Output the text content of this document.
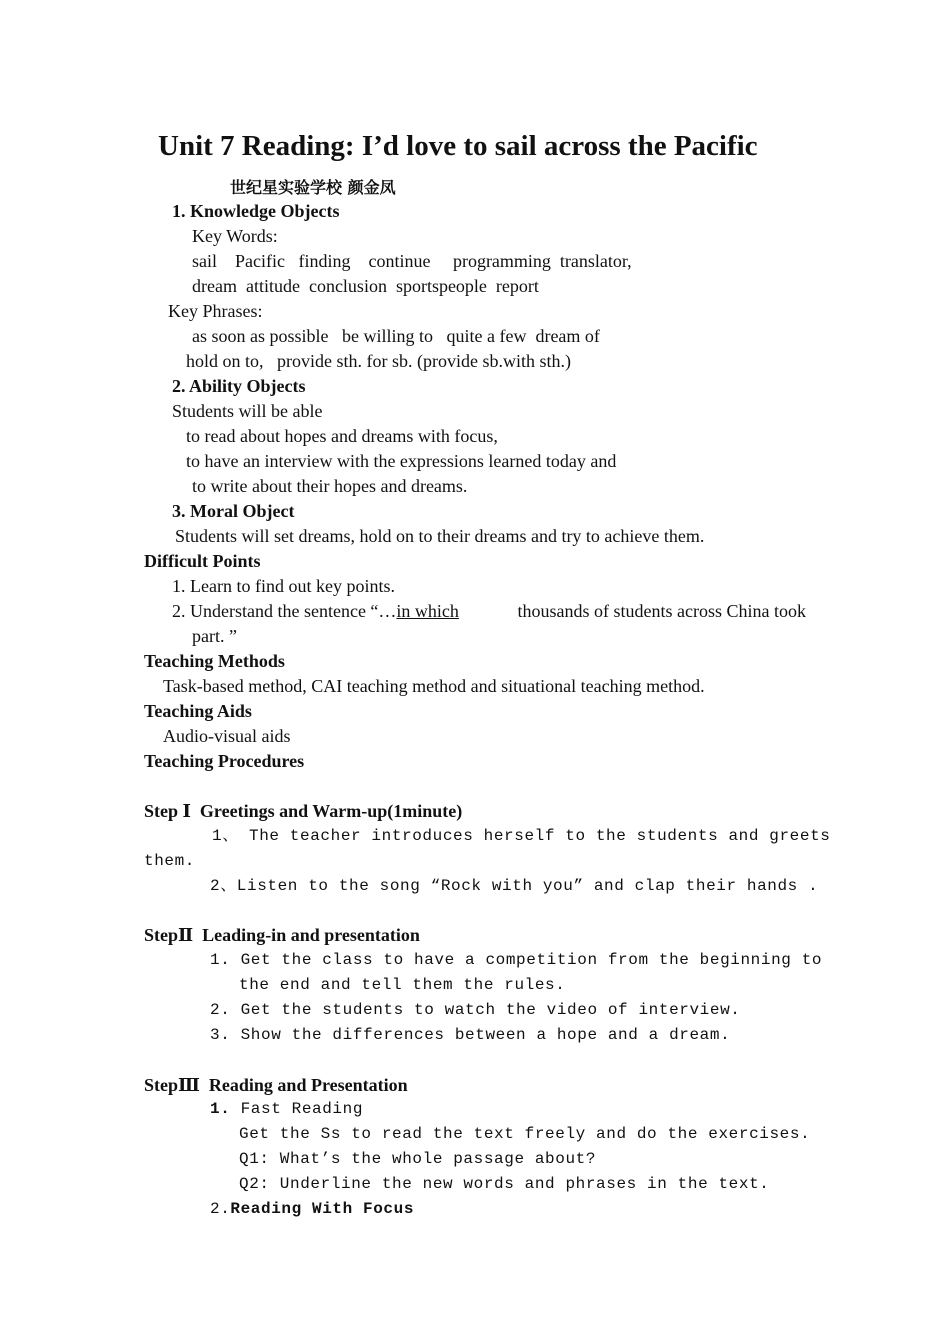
Unit 7 Reading: I’d love to sail across the Pacific
世纪星实验学校 颜金凤
1. Knowledge Objects
Key Words:
sail    Pacific   finding    continue     programming  translator,
dream  attitude  conclusion  sportspeople  report
Key Phrases:
as soon as possible   be willing to   quite a few  dream of
hold on to,   provide sth. for sb. (provide sb.with sth.)
2. Ability Objects
Students will be able
to read about hopes and dreams with focus,
to have an interview with the expressions learned today and
to write about their hopes and dreams.
3. Moral Object
Students will set dreams, hold on to their dreams and try to achieve them.
Difficult Points
1. Learn to find out key points.
2. Understand the sentence “…in which	thousands of students across China took
part. ”
Teaching Methods
Task-based method, CAI teaching method and situational teaching method.
Teaching Aids
Audio-visual aids
Teaching Procedures
Step Ⅰ  Greetings and Warm-up(1minute)
1、 The teacher introduces herself to the students and greets
them.
2、Listen to the song “Rock with you” and clap their hands .
StepⅡ  Leading-in and presentation
1. Get the class to have a competition from the beginning to
the end and tell them the rules.
2. Get the students to watch the video of interview.
3. Show the differences between a hope and a dream.
StepⅢ  Reading and Presentation
1. Fast Reading
Get the Ss to read the text freely and do the exercises.
Q1: What’s the whole passage about?
Q2: Underline the new words and phrases in the text.
2.Reading With Focus
